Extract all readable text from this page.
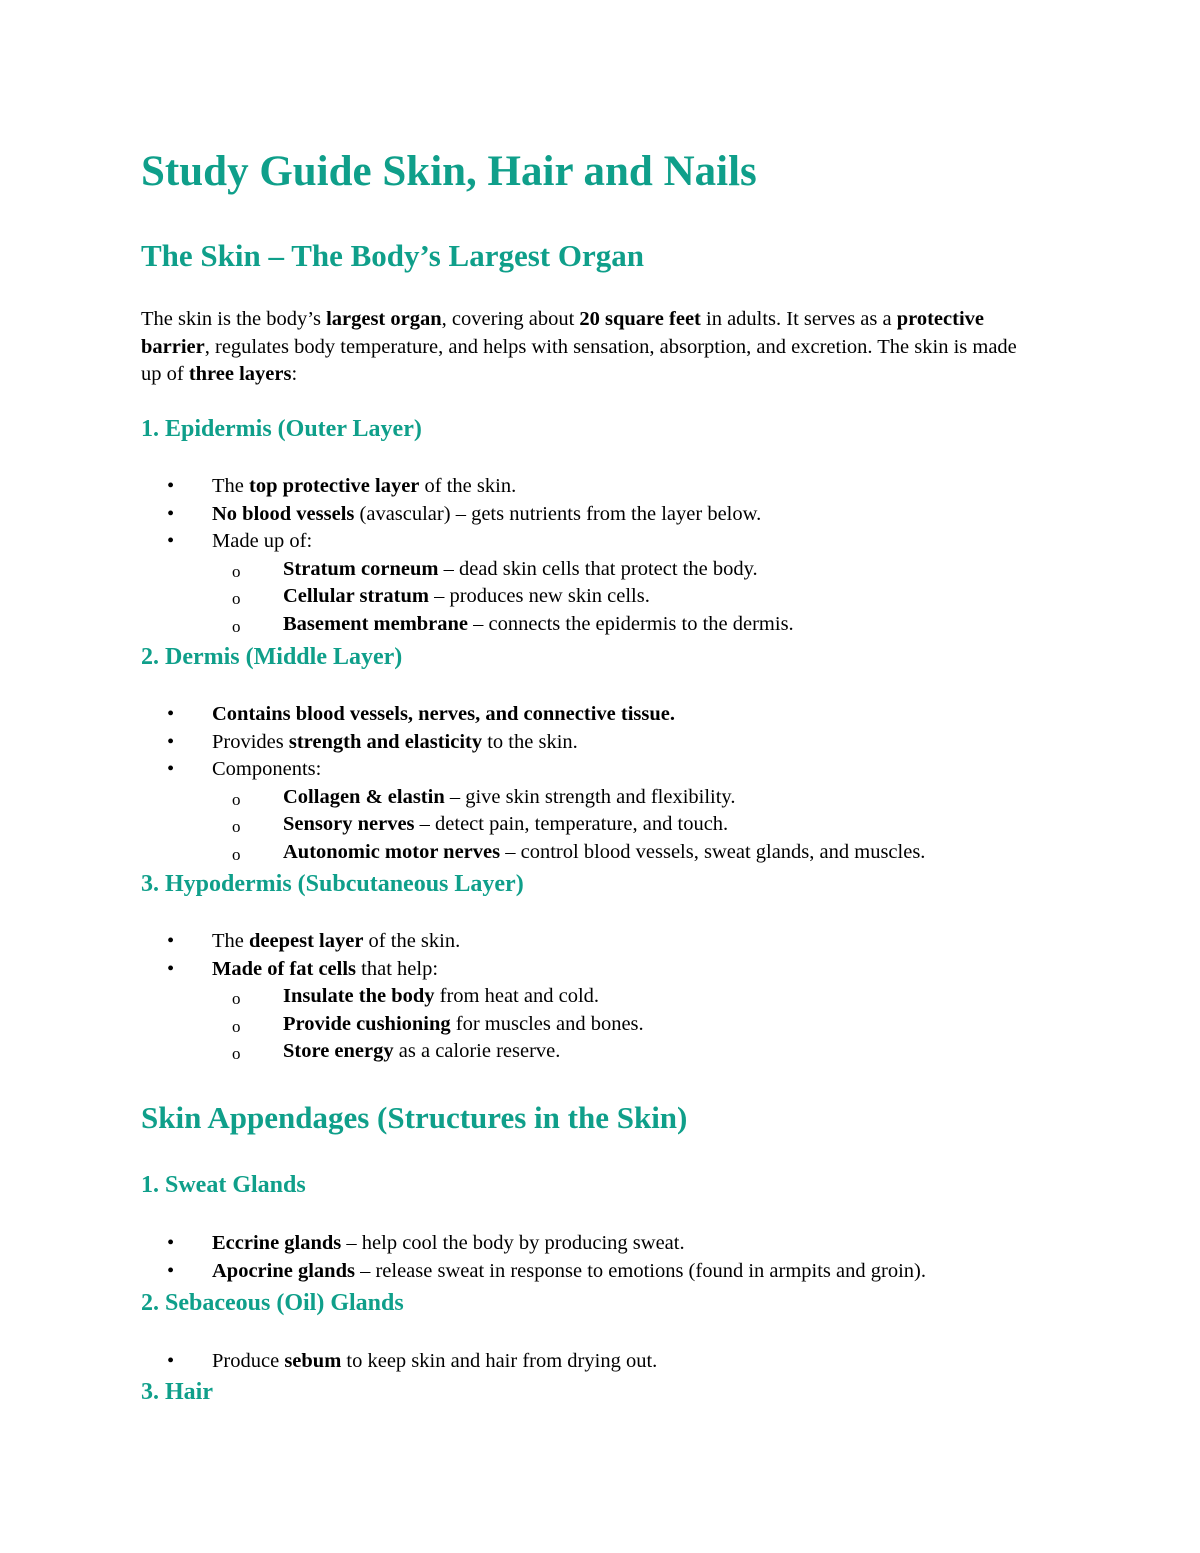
Study Guide Skin, Hair and Nails
The Skin – The Body’s Largest Organ

The skin is the body’s largest organ, covering about 20 square feet in adults. It serves as a protective barrier, regulates body temperature, and helps with sensation, absorption, and excretion. The skin is made up of three layers:

1. Epidermis (Outer Layer)
• The top protective layer of the skin.
• No blood vessels (avascular) – gets nutrients from the layer below.
• Made up of:
o Stratum corneum – dead skin cells that protect the body.
o Cellular stratum – produces new skin cells.
o Basement membrane – connects the epidermis to the dermis.
2. Dermis (Middle Layer)
• Contains blood vessels, nerves, and connective tissue.
• Provides strength and elasticity to the skin.
• Components:
o Collagen & elastin – give skin strength and flexibility.
o Sensory nerves – detect pain, temperature, and touch.
o Autonomic motor nerves – control blood vessels, sweat glands, and muscles.
3. Hypodermis (Subcutaneous Layer)
• The deepest layer of the skin.
• Made of fat cells that help:
o Insulate the body from heat and cold.
o Provide cushioning for muscles and bones.
o Store energy as a calorie reserve.
Skin Appendages (Structures in the Skin)
1. Sweat Glands
• Eccrine glands – help cool the body by producing sweat.
• Apocrine glands – release sweat in response to emotions (found in armpits and groin).
2. Sebaceous (Oil) Glands
• Produce sebum to keep skin and hair from drying out.
3. Hair
